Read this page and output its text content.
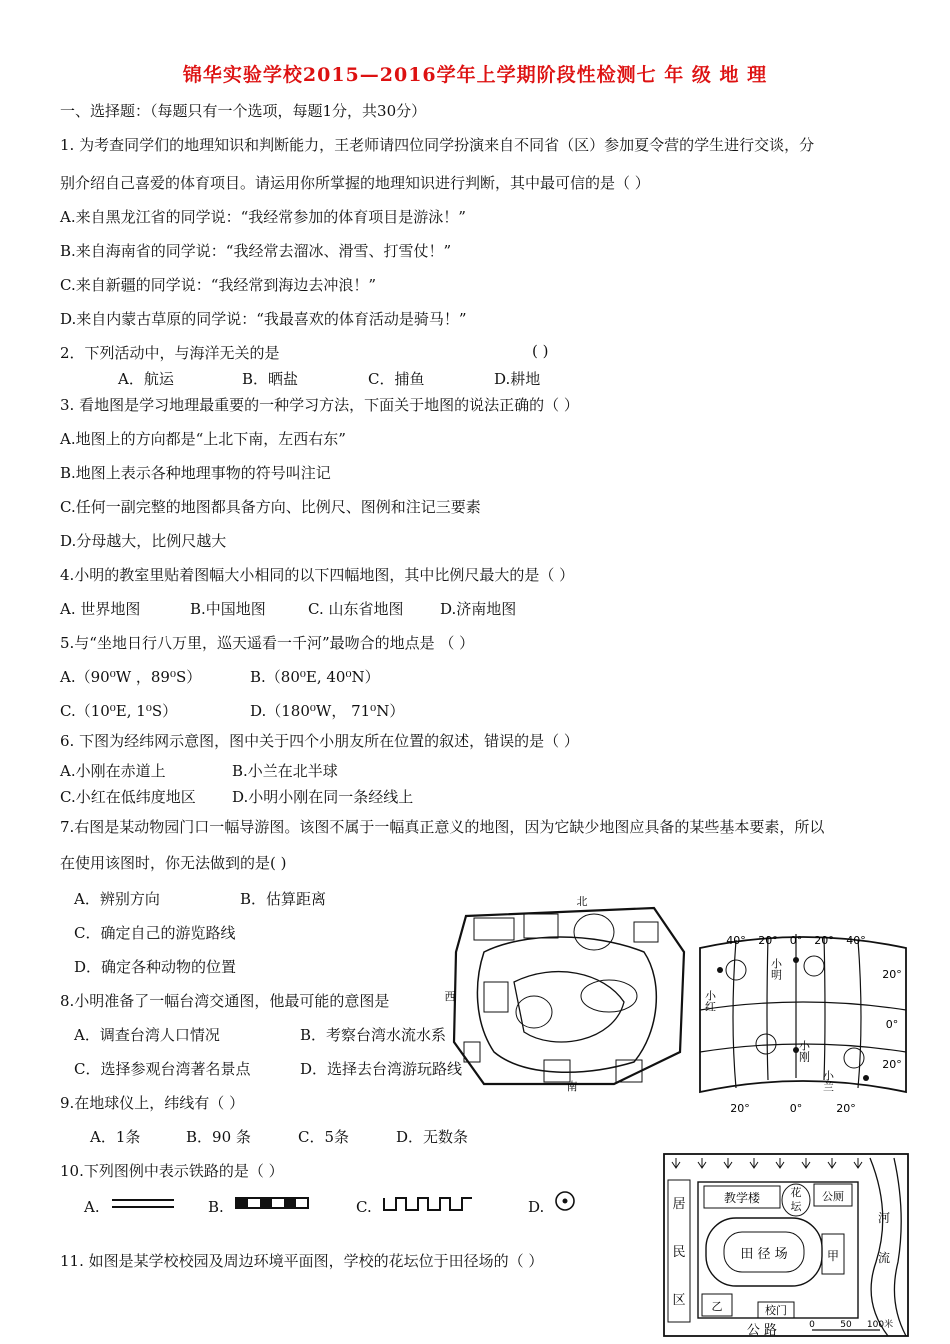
锦华实验学校2015—2016学年上学期阶段性检测七 年 级 地 理
一、选择题：（每题只有一个选项，每题1分，共30分）
1. 为考查同学们的地理知识和判断能力，王老师请四位同学扮演来自不同省（区）参加夏令营的学生进行交谈，分
别介绍自己喜爱的体育项目。请运用你所掌握的地理知识进行判断，其中最可信的是（ ）
A.来自黑龙江省的同学说：“我经常参加的体育项目是游泳！”
B.来自海南省的同学说：“我经常去溜冰、滑雪、打雪仗！”
C.来自新疆的同学说：“我经常到海边去冲浪！”
D.来自内蒙古草原的同学说：“我最喜欢的体育活动是骑马！”
2．下列活动中，与海洋无关的是	( )
A．航运	B．晒盐	C．捕鱼	D.耕地
3. 看地图是学习地理最重要的一种学习方法，下面关于地图的说法正确的（ ）
A.地图上的方向都是“上北下南，左西右东”
B.地图上表示各种地理事物的符号叫注记
C.任何一副完整的地图都具备方向、比例尺、图例和注记三要素
D.分母越大，比例尺越大
4.小明的教室里贴着图幅大小相同的以下四幅地图，其中比例尺最大的是（ ）
A. 世界地图	B.中国地图	C. 山东省地图 D.济南地图
5.与“坐地日行八万里，巡天遥看一千河”最吻合的地点是 （ ）
A.（90⁰W ，89⁰S）	B.（80⁰E, 40⁰N）
C.（10⁰E, 1⁰S）	D.（180⁰W， 71⁰N）
6. 下图为经纬网示意图，图中关于四个小朋友所在位置的叙述，错误的是（ ）
A.小刚在赤道上	B.小兰在北半球
C.小红在低纬度地区 D.小明小刚在同一条经线上
7.右图是某动物园门口一幅导游图。该图不属于一幅真正意义的地图，因为它缺少地图应具备的某些基本要素，所以
在使用该图时，你无法做到的是( )
A．辨别方向	B．估算距离
C．确定自己的游览路线
D．确定各种动物的位置
8.小明准备了一幅台湾交通图，他最可能的意图是
A．调查台湾人口情况	B．考察台湾水流水系
C．选择参观台湾著名景点	D．选择去台湾游玩路线
9.在地球仪上，纬线有（ ）
A．1条	B．90 条	C．5条	D．无数条
10.下列图例中表示铁路的是（ ）
A.	B.	C.	D.
11. 如图是某学校校园及周边环境平面图，学校的花坛位于田径场的（ ）
北
南
西
40° 20° 0° 20° 40°
20°	0°	20°
20°
0°
20°
小红
小明
小刚
小兰
居
民
区
教学楼	花
坛
公厕
田 径 场	甲
乙	校门
河
流
公 路	0	50 100米
